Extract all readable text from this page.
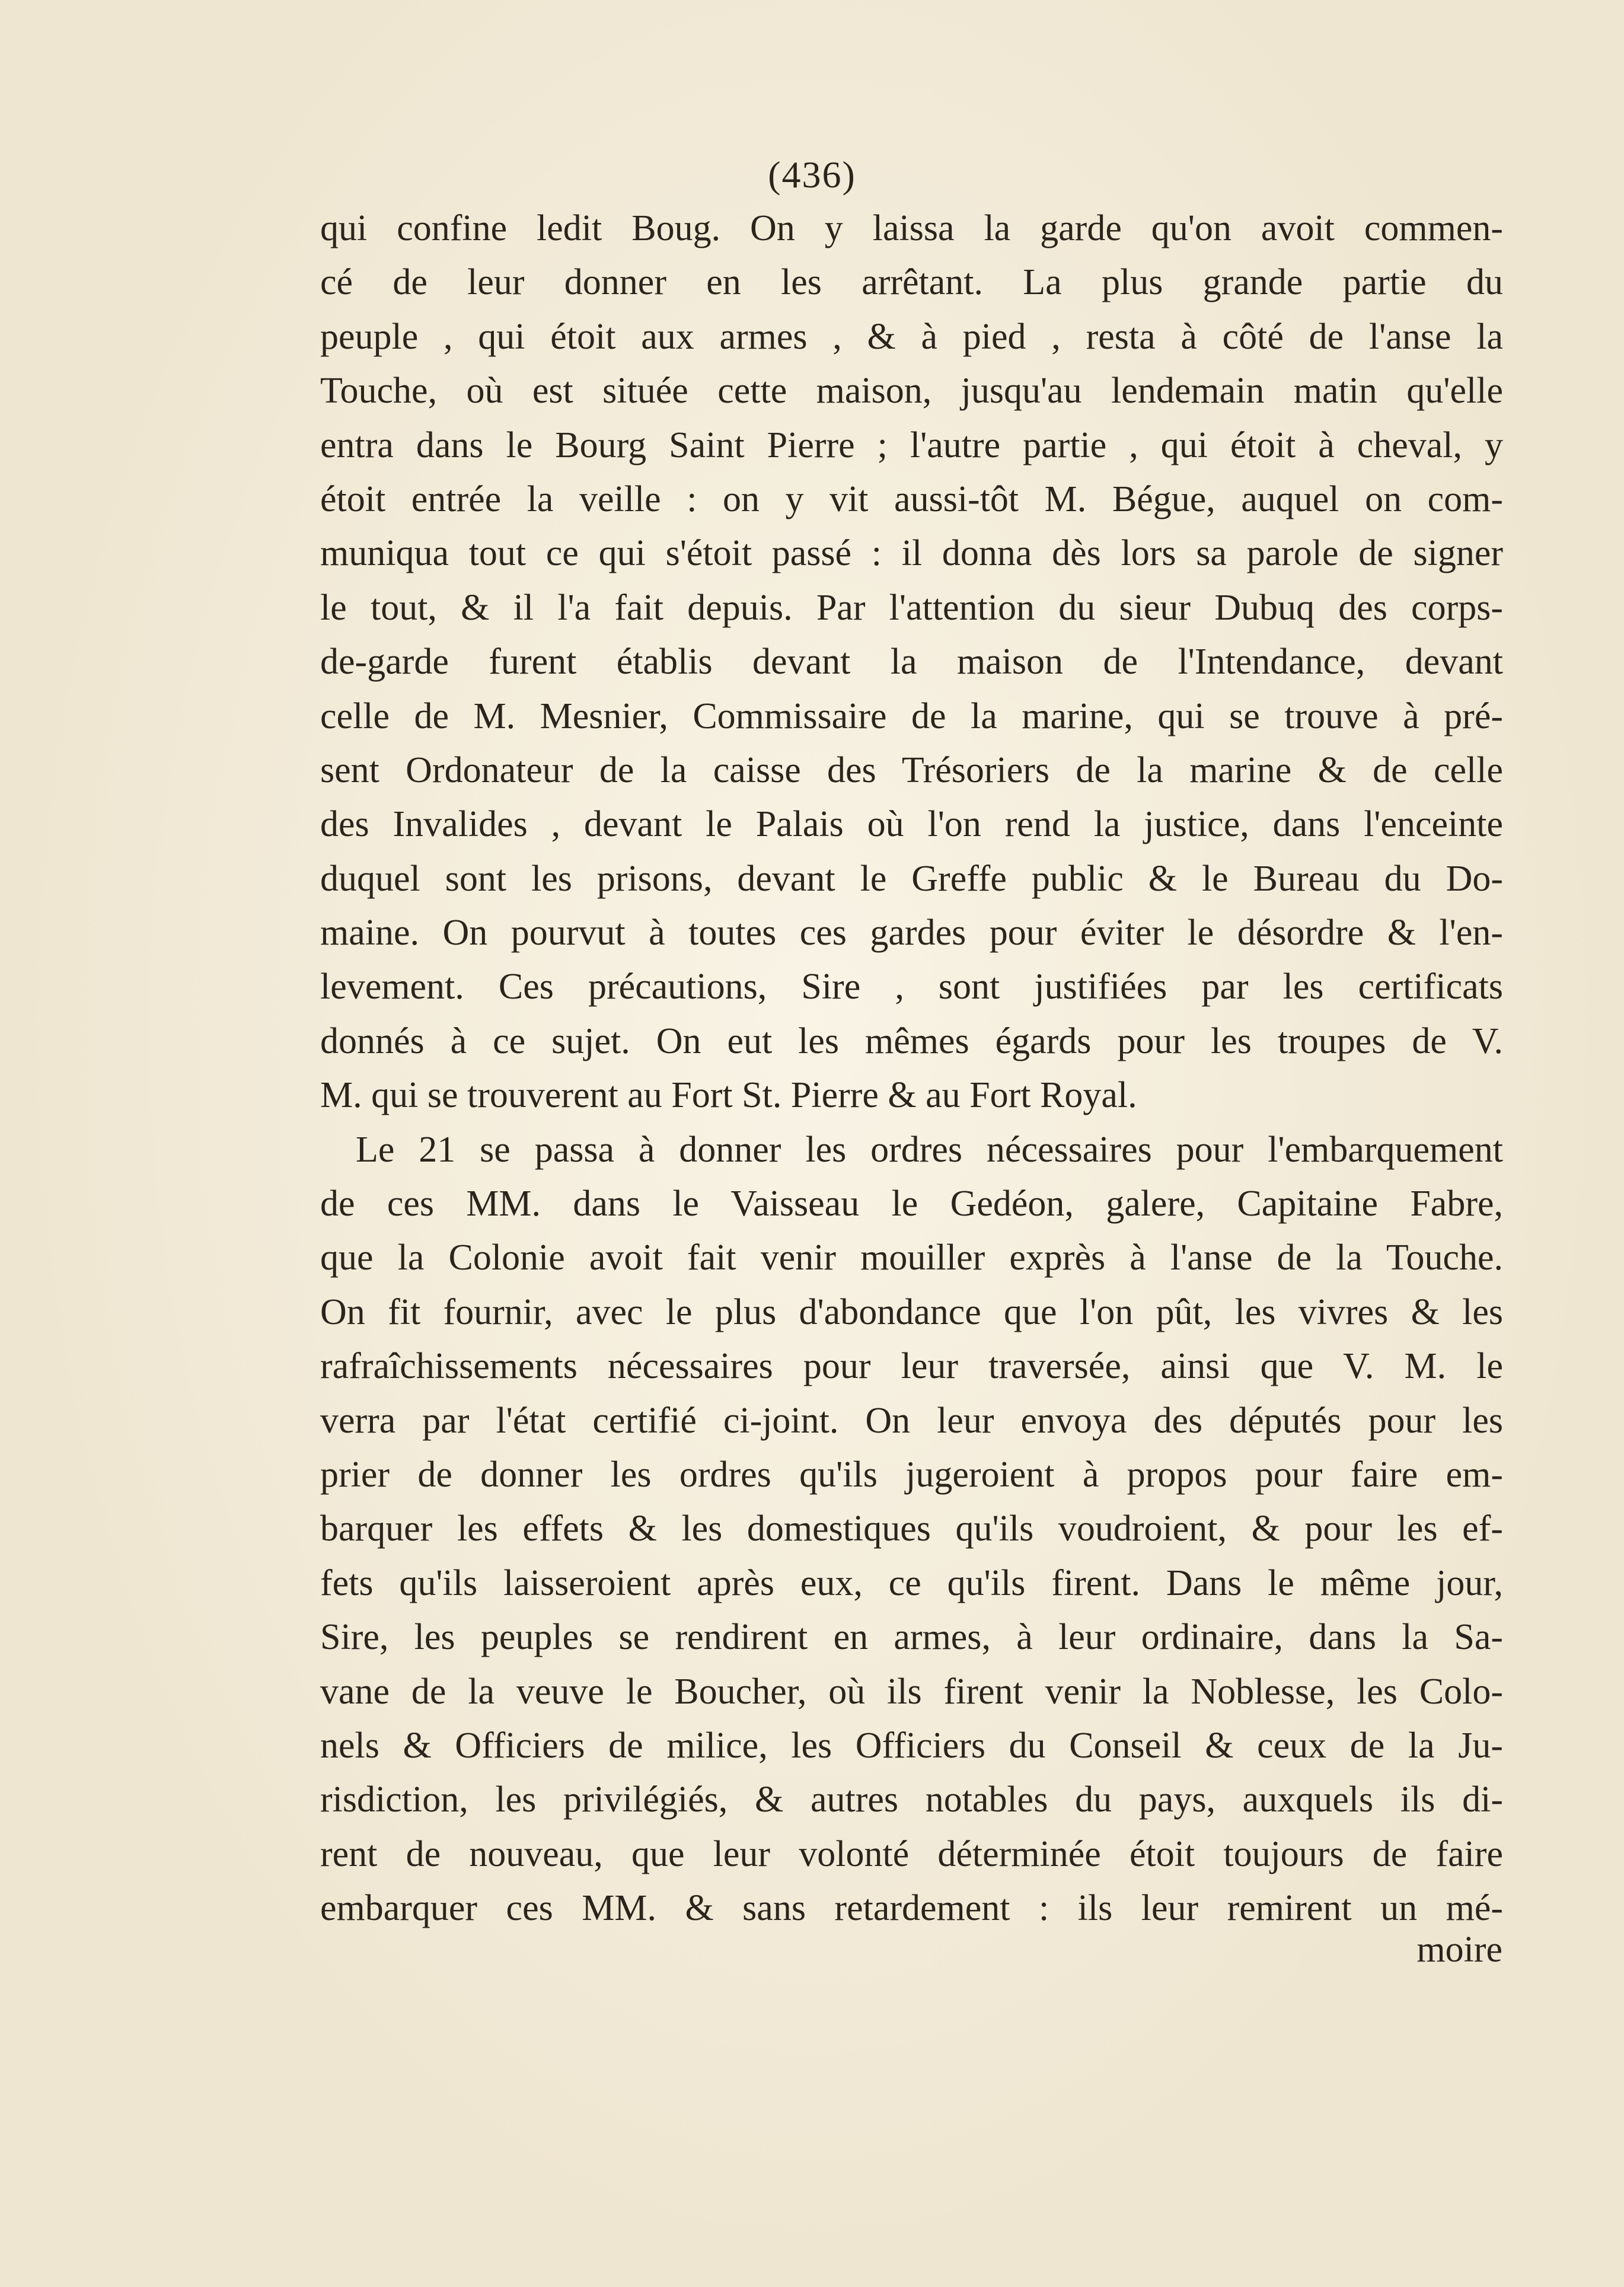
(436)
qui confine ledit Boug. On y laissa la garde qu'on avoit commen-
cé de leur donner en les arrêtant. La plus grande partie du
peuple , qui étoit aux armes , & à pied , resta à côté de l'anse la
Touche, où est située cette maison, jusqu'au lendemain matin qu'elle
entra dans le Bourg Saint Pierre ; l'autre partie , qui étoit à cheval, y
étoit entrée la veille : on y vit aussi-tôt M. Bégue, auquel on com-
muniqua tout ce qui s'étoit passé : il donna dès lors sa parole de signer
le tout, & il l'a fait depuis. Par l'attention du sieur Dubuq des corps-
de-garde furent établis devant la maison de l'Intendance, devant
celle de M. Mesnier, Commissaire de la marine, qui se trouve à pré-
sent Ordonateur de la caisse des Trésoriers de la marine & de celle
des Invalides , devant le Palais où l'on rend la justice, dans l'enceinte
duquel sont les prisons, devant le Greffe public & le Bureau du Do-
maine. On pourvut à toutes ces gardes pour éviter le désordre & l'en-
levement. Ces précautions, Sire , sont justifiées par les certificats
donnés à ce sujet. On eut les mêmes égards pour les troupes de V.
M. qui se trouverent au Fort St. Pierre & au Fort Royal.
Le 21 se passa à donner les ordres nécessaires pour l'embarquement
de ces MM. dans le Vaisseau le Gedéon, galere, Capitaine Fabre,
que la Colonie avoit fait venir mouiller exprès à l'anse de la Touche.
On fit fournir, avec le plus d'abondance que l'on pût, les vivres & les
rafraîchissements nécessaires pour leur traversée, ainsi que V. M. le
verra par l'état certifié ci-joint. On leur envoya des députés pour les
prier de donner les ordres qu'ils jugeroient à propos pour faire em-
barquer les effets & les domestiques qu'ils voudroient, & pour les ef-
fets qu'ils laisseroient après eux, ce qu'ils firent. Dans le même jour,
Sire, les peuples se rendirent en armes, à leur ordinaire, dans la Sa-
vane de la veuve le Boucher, où ils firent venir la Noblesse, les Colo-
nels & Officiers de milice, les Officiers du Conseil & ceux de la Ju-
risdiction, les privilégiés, & autres notables du pays, auxquels ils di-
rent de nouveau, que leur volonté déterminée étoit toujours de faire
embarquer ces MM. & sans retardement : ils leur remirent un mé-
moire
